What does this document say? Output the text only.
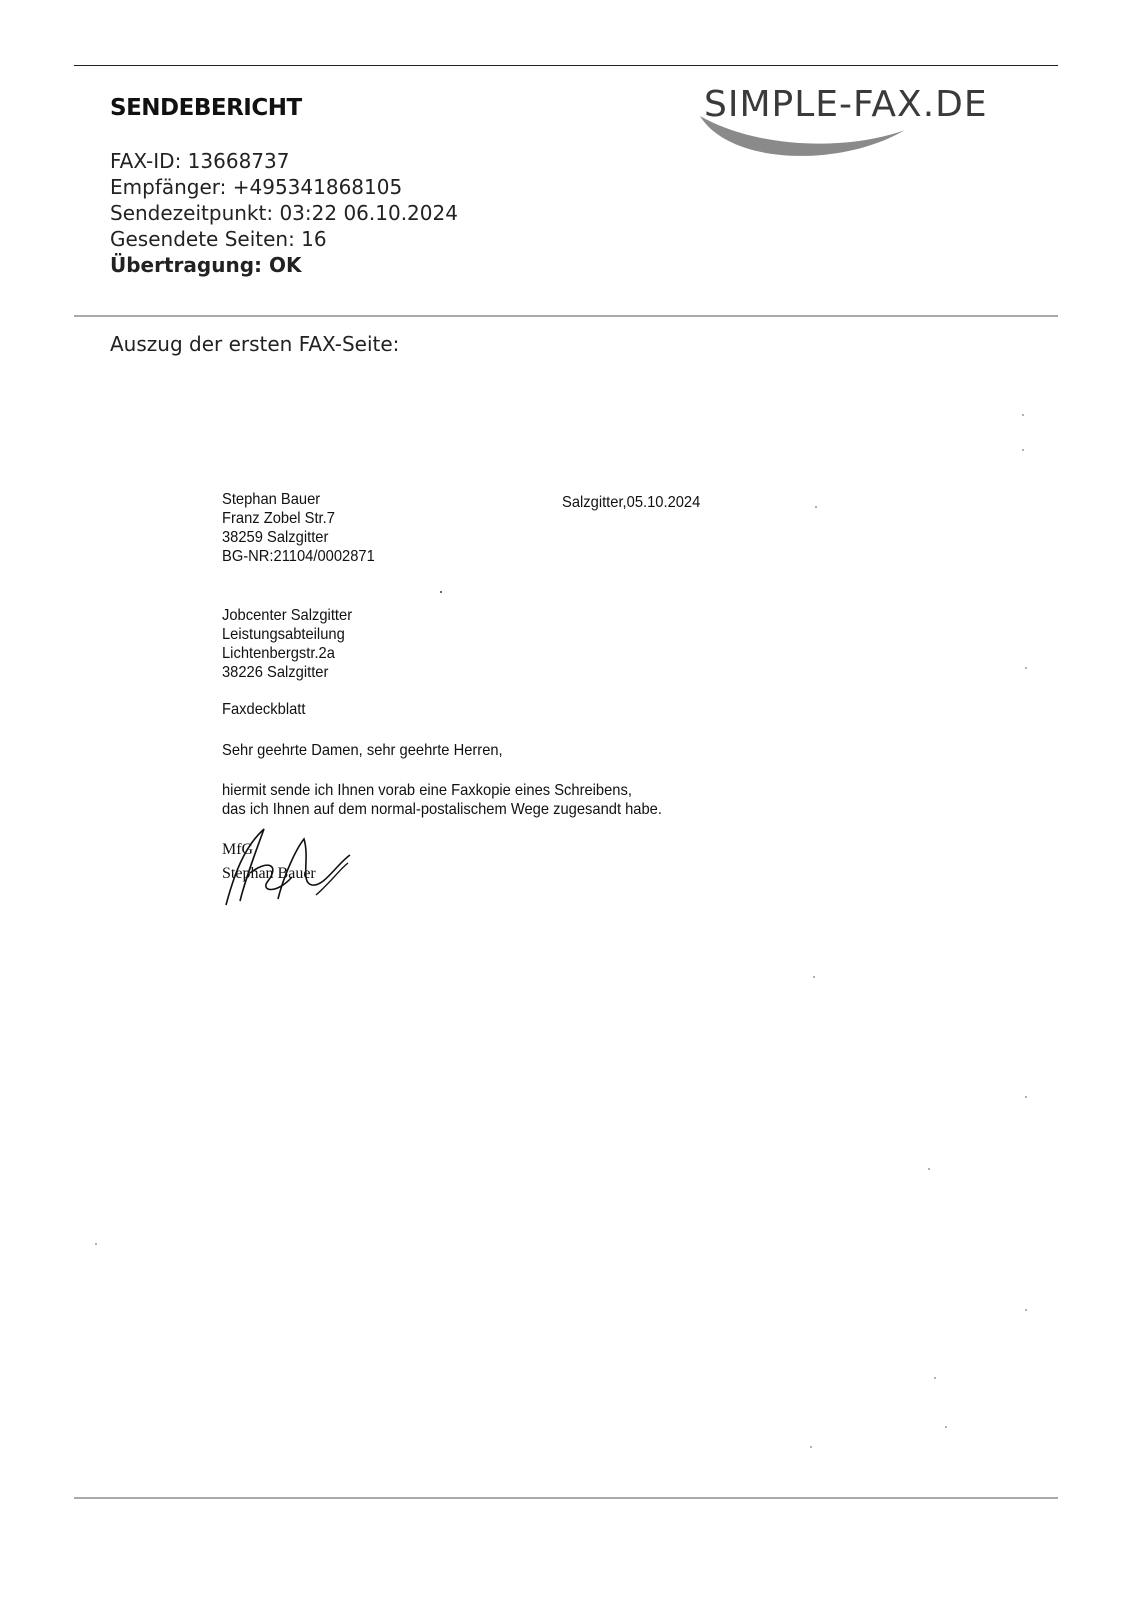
SENDEBERICHT	SIMPLE-FAX.DE
FAX-ID: 13668737
Empfänger: +495341868105
Sendezeitpunkt: 03:22 06.10.2024
Gesendete Seiten: 16
Übertragung: OK
Auszug der ersten FAX-Seite:
Stephan Bauer
Franz Zobel Str.7
38259 Salzgitter
BG-NR:21104/0002871
Salzgitter,05.10.2024
Jobcenter Salzgitter
Leistungsabteilung
Lichtenbergstr.2a
38226 Salzgitter
Faxdeckblatt
Sehr geehrte Damen, sehr geehrte Herren,
hiermit sende ich Ihnen vorab eine Faxkopie eines Schreibens,
das ich Ihnen auf dem normal-postalischem Wege zugesandt habe.
MfG
Stephan Bauer
